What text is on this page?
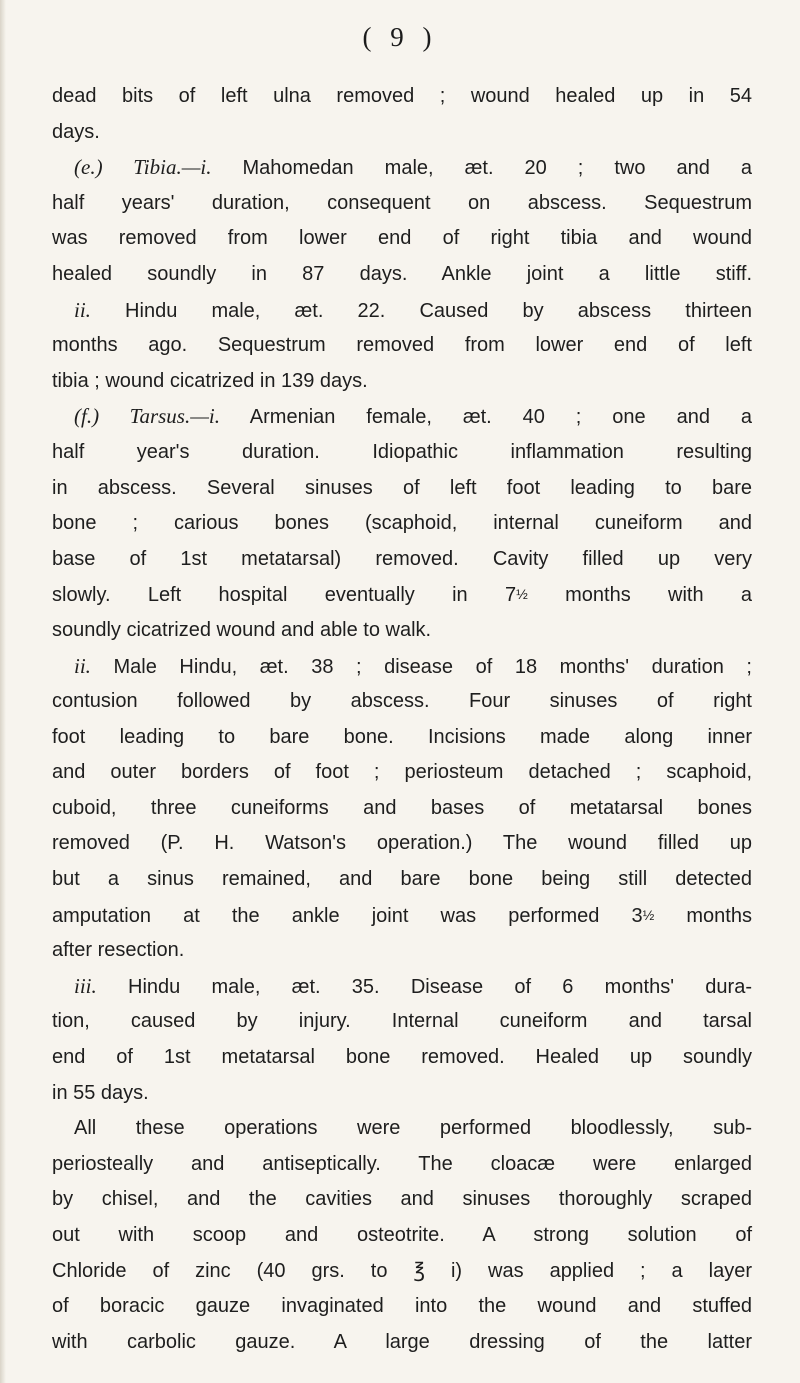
( 9 )
dead bits of left ulna removed ; wound healed up in 54
days.
(e.) Tibia.—i. Mahomedan male, æt. 20 ; two and a
half years' duration, consequent on abscess. Sequestrum
was removed from lower end of right tibia and wound
healed soundly in 87 days. Ankle joint a little stiff.
ii. Hindu male, æt. 22. Caused by abscess thirteen
months ago. Sequestrum removed from lower end of left
tibia ; wound cicatrized in 139 days.
(f.) Tarsus.—i. Armenian female, æt. 40 ; one and a
half year's duration. Idiopathic inflammation resulting
in abscess. Several sinuses of left foot leading to bare
bone ; carious bones (scaphoid, internal cuneiform and
base of 1st metatarsal) removed. Cavity filled up very
slowly. Left hospital eventually in 7½ months with a
soundly cicatrized wound and able to walk.
ii. Male Hindu, æt. 38 ; disease of 18 months' duration ;
contusion followed by abscess. Four sinuses of right
foot leading to bare bone. Incisions made along inner
and outer borders of foot ; periosteum detached ; scaphoid,
cuboid, three cuneiforms and bases of metatarsal bones
removed (P. H. Watson's operation.) The wound filled up
but a sinus remained, and bare bone being still detected
amputation at the ankle joint was performed 3½ months
after resection.
iii. Hindu male, æt. 35. Disease of 6 months' dura-
tion, caused by injury. Internal cuneiform and tarsal
end of 1st metatarsal bone removed. Healed up soundly
in 55 days.
All these operations were performed bloodlessly, sub-
periosteally and antiseptically. The cloacæ were enlarged
by chisel, and the cavities and sinuses thoroughly scraped
out with scoop and osteotrite. A strong solution of
Chloride of zinc (40 grs. to ℥ i) was applied ; a layer
of boracic gauze invaginated into the wound and stuffed
with carbolic gauze. A large dressing of the latter
